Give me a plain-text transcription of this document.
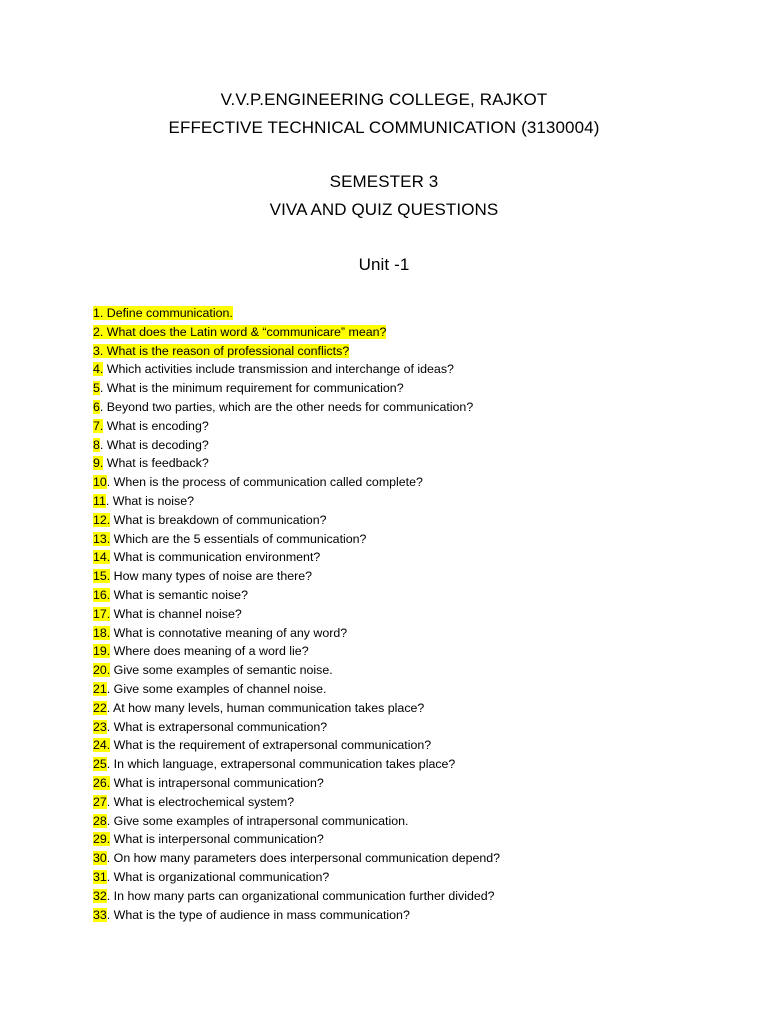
V.V.P.ENGINEERING COLLEGE, RAJKOT
EFFECTIVE TECHNICAL COMMUNICATION (3130004)
SEMESTER 3
VIVA AND QUIZ QUESTIONS
Unit -1
1. Define communication.
2. What does the Latin word & “communicare” mean?
3. What is the reason of professional conflicts?
4. Which activities include transmission and interchange of ideas?
5. What is the minimum requirement for communication?
6. Beyond two parties, which are the other needs for communication?
7. What is encoding?
8. What is decoding?
9. What is feedback?
10. When is the process of communication called complete?
11. What is noise?
12. What is breakdown of communication?
13. Which are the 5 essentials of communication?
14. What is communication environment?
15. How many types of noise are there?
16. What is semantic noise?
17. What is channel noise?
18. What is connotative meaning of any word?
19. Where does meaning of a word lie?
20. Give some examples of semantic noise.
21. Give some examples of channel noise.
22. At how many levels, human communication takes place?
23. What is extrapersonal communication?
24. What is the requirement of extrapersonal communication?
25. In which language, extrapersonal communication takes place?
26. What is intrapersonal communication?
27. What is electrochemical system?
28. Give some examples of intrapersonal communication.
29. What is interpersonal communication?
30. On how many parameters does interpersonal communication depend?
31. What is organizational communication?
32. In how many parts can organizational communication further divided?
33. What is the type of audience in mass communication?
